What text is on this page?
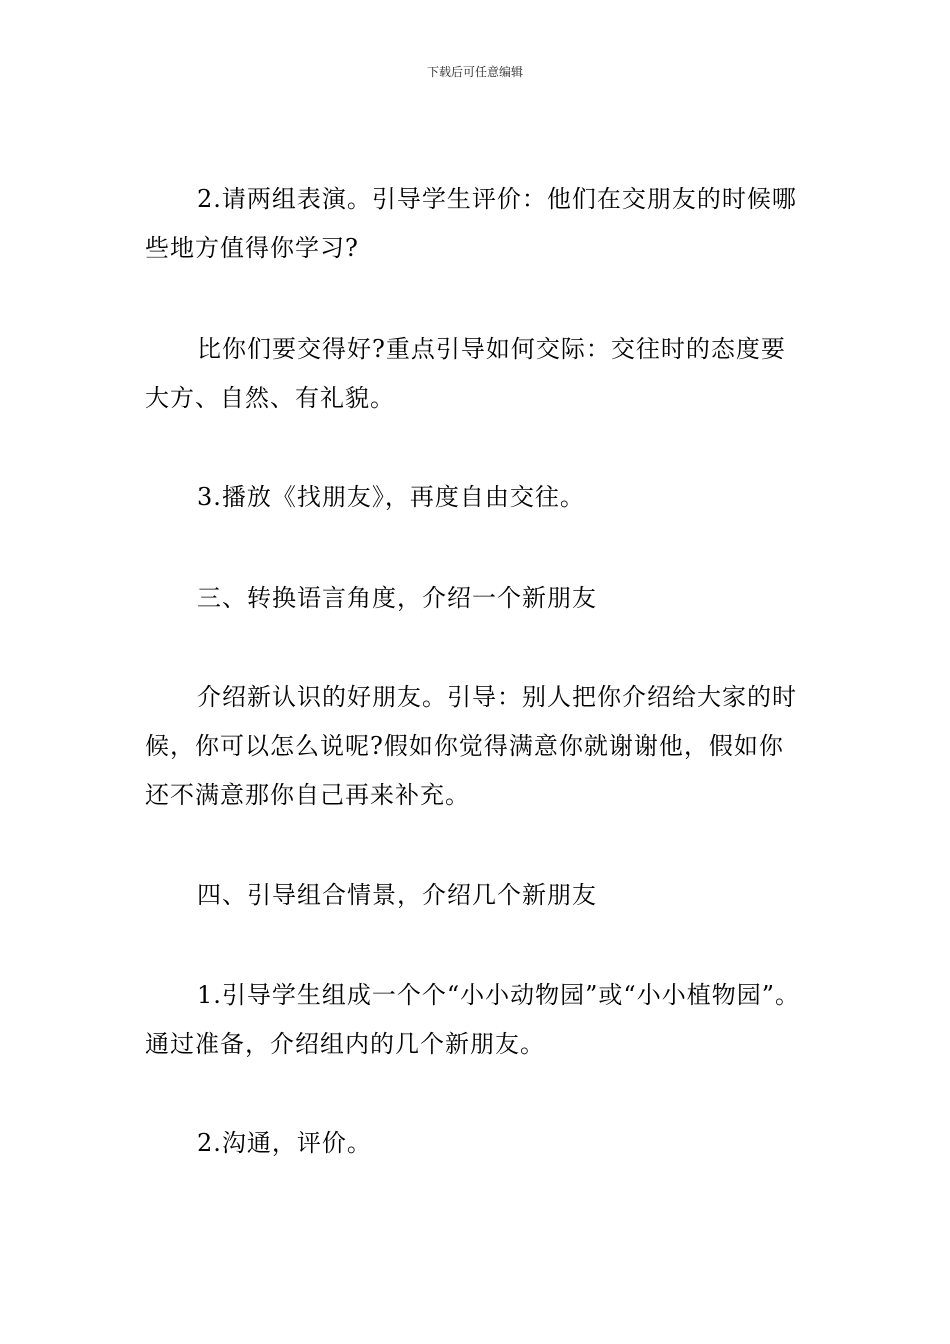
下载后可任意编辑

2.请两组表演。引导学生评价：他们在交朋友的时候哪些地方值得你学习?

比你们要交得好?重点引导如何交际：交往时的态度要大方、自然、有礼貌。

3.播放《找朋友》，再度自由交往。

三、转换语言角度，介绍一个新朋友

介绍新认识的好朋友。引导：别人把你介绍给大家的时候，你可以怎么说呢?假如你觉得满意你就谢谢他，假如你还不满意那你自己再来补充。

四、引导组合情景，介绍几个新朋友

1.引导学生组成一个个“小小动物园”或“小小植物园”。通过准备，介绍组内的几个新朋友。

2.沟通，评价。
